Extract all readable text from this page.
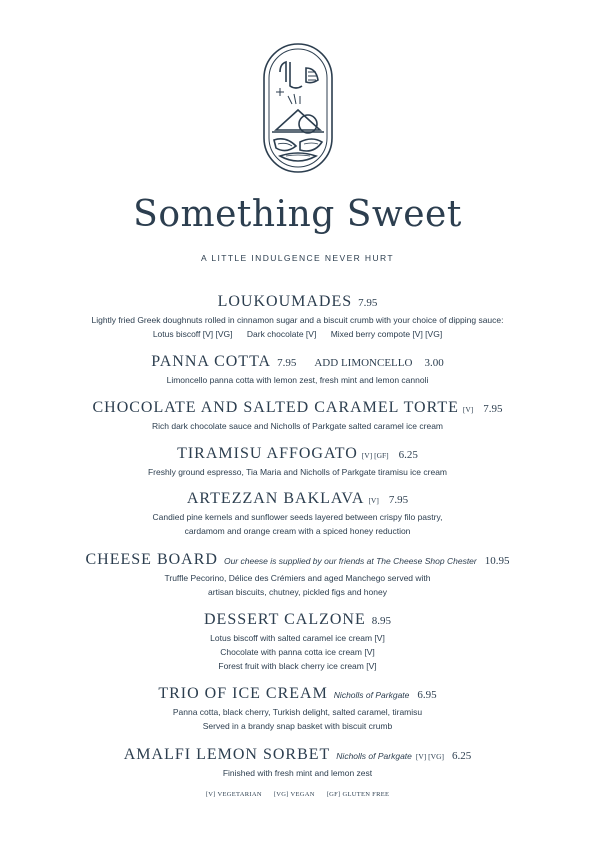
Something Sweet
A LITTLE INDULGENCE NEVER HURT
LOUKOUMADES 7.95
Lightly fried Greek doughnuts rolled in cinnamon sugar and a biscuit crumb with your choice of dipping sauce:
Lotus biscoff [V] [VG] Dark chocolate [V] Mixed berry compote [V] [VG]
PANNA COTTA 7.95 ADD LIMONCELLO 3.00
Limoncello panna cotta with lemon zest, fresh mint and lemon cannoli
CHOCOLATE AND SALTED CARAMEL TORTE [V] 7.95
Rich dark chocolate sauce and Nicholls of Parkgate salted caramel ice cream
TIRAMISU AFFOGATO [V] [GF] 6.25
Freshly ground espresso, Tia Maria and Nicholls of Parkgate tiramisu ice cream
ARTEZZAN BAKLAVA [V] 7.95
Candied pine kernels and sunflower seeds layered between crispy filo pastry,
cardamom and orange cream with a spiced honey reduction
CHEESE BOARD Our cheese is supplied by our friends at The Cheese Shop Chester 10.95
Truffle Pecorino, Délice des Crémiers and aged Manchego served with
artisan biscuits, chutney, pickled figs and honey
DESSERT CALZONE 8.95
Lotus biscoff with salted caramel ice cream [V]
Chocolate with panna cotta ice cream [V]
Forest fruit with black cherry ice cream [V]
TRIO OF ICE CREAM Nicholls of Parkgate 6.95
Panna cotta, black cherry, Turkish delight, salted caramel, tiramisu
Served in a brandy snap basket with biscuit crumb
AMALFI LEMON SORBET Nicholls of Parkgate [V] [VG] 6.25
Finished with fresh mint and lemon zest
[V] VEGETARIAN [VG] VEGAN [GF] GLUTEN FREE
